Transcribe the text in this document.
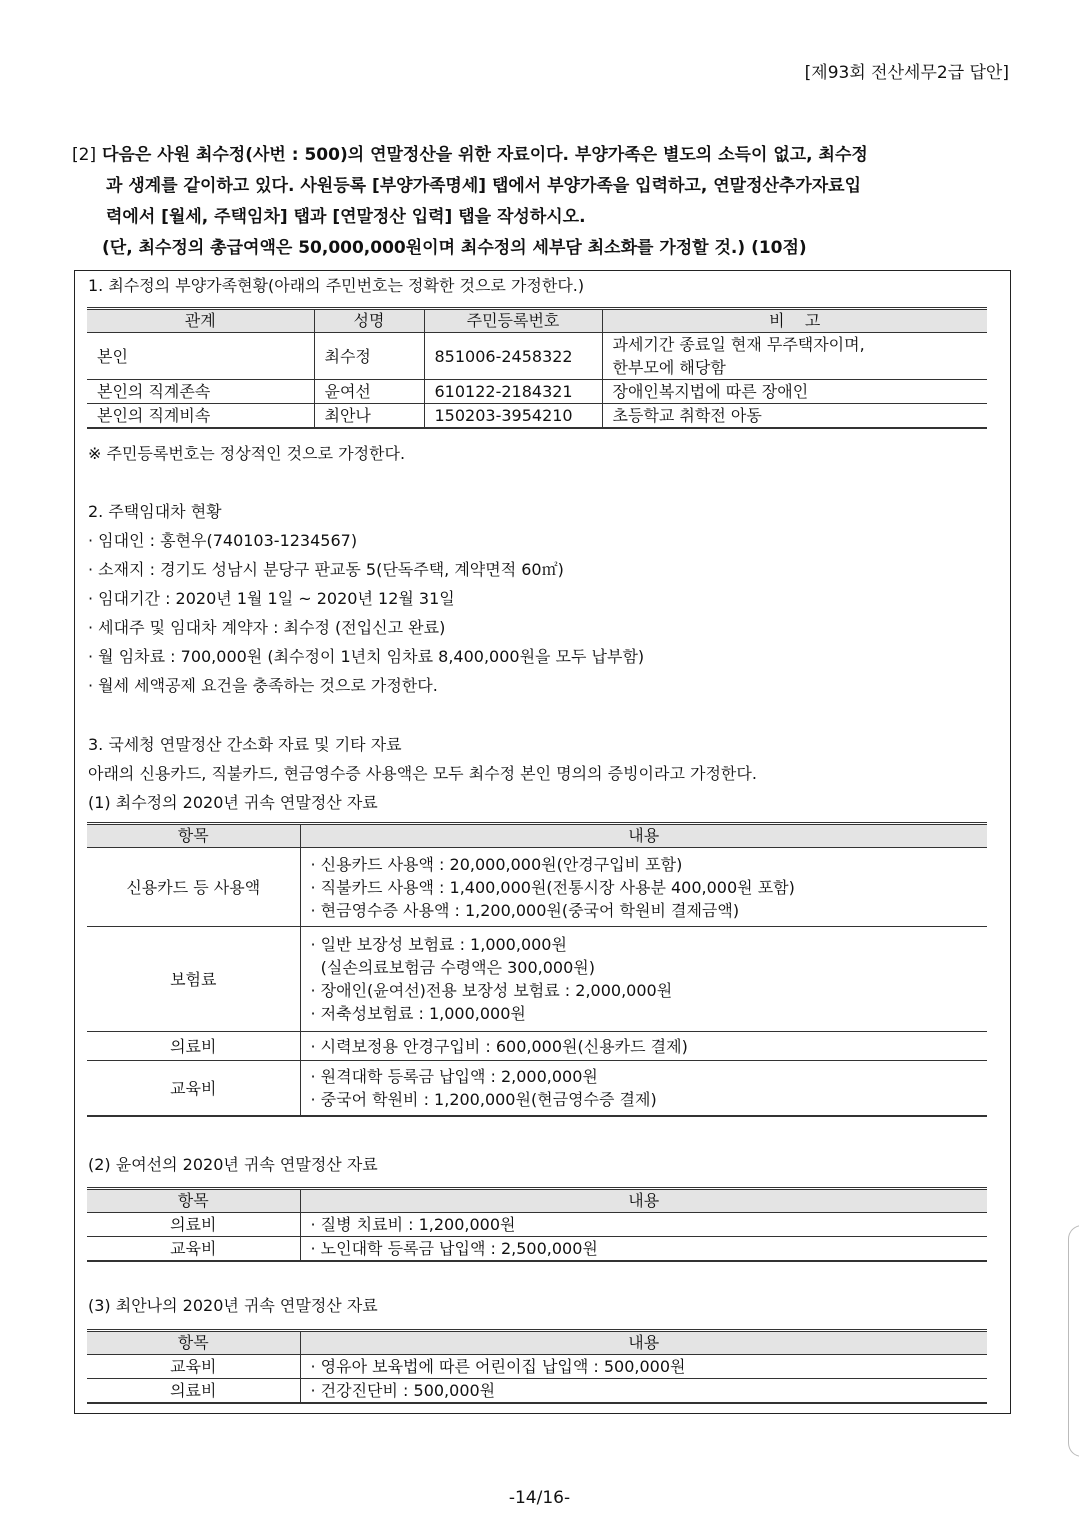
[제93회 전산세무2급 답안]
[2] 다음은 사원 최수정(사번 : 500)의 연말정산을 위한 자료이다. 부양가족은 별도의 소득이 없고, 최수정
과 생계를 같이하고 있다. 사원등록 [부양가족명세] 탭에서 부양가족을 입력하고, 연말정산추가자료입
력에서 [월세, 주택임차] 탭과 [연말정산 입력] 탭을 작성하시오.
(단, 최수정의 총급여액은 50,000,000원이며 최수정의 세부담 최소화를 가정할 것.) (10점)
1. 최수정의 부양가족현황(아래의 주민번호는 정확한 것으로 가정한다.)
관계	성명	주민등록번호	비    고
본인	최수정	851006-2458322	과세기간 종료일 현재 무주택자이며,
한부모에 해당함

본인의 직계존속	윤여선	610122-2184321	장애인복지법에 따른 장애인
본인의 직계비속	최안나	150203-3954210	초등학교 취학전 아동
※ 주민등록번호는 정상적인 것으로 가정한다.
2. 주택임대차 현황
· 임대인 : 홍현우(740103-1234567)
· 소재지 : 경기도 성남시 분당구 판교동 5(단독주택, 계약면적 60㎡)
· 임대기간 : 2020년 1월 1일 ~ 2020년 12월 31일
· 세대주 및 임대차 계약자 : 최수정 (전입신고 완료)
· 월 임차료 : 700,000원 (최수정이 1년치 임차료 8,400,000원을 모두 납부함)
· 월세 세액공제 요건을 충족하는 것으로 가정한다.
3. 국세청 연말정산 간소화 자료 및 기타 자료
아래의 신용카드, 직불카드, 현금영수증 사용액은 모두 최수정 본인 명의의 증빙이라고 가정한다.
(1) 최수정의 2020년 귀속 연말정산 자료
항목	내용
신용카드 등 사용액	· 신용카드 사용액 : 20,000,000원(안경구입비 포함)
· 직불카드 사용액 : 1,400,000원(전통시장 사용분 400,000원 포함)
· 현금영수증 사용액 : 1,200,000원(중국어 학원비 결제금액)

보험료	· 일반 보장성 보험료 : 1,000,000원
(실손의료보험금 수령액은 300,000원)
· 장애인(윤여선)전용 보장성 보험료 : 2,000,000원
· 저축성보험료 : 1,000,000원

의료비	· 시력보정용 안경구입비 : 600,000원(신용카드 결제)
교육비	· 원격대학 등록금 납입액 : 2,000,000원
· 중국어 학원비 : 1,200,000원(현금영수증 결제)
(2) 윤여선의 2020년 귀속 연말정산 자료
항목	내용
의료비	· 질병 치료비 : 1,200,000원
교육비	· 노인대학 등록금 납입액 : 2,500,000원
(3) 최안나의 2020년 귀속 연말정산 자료
항목	내용
교육비	· 영유아 보육법에 따른 어린이집 납입액 : 500,000원
의료비	· 건강진단비 : 500,000원
-14/16-
